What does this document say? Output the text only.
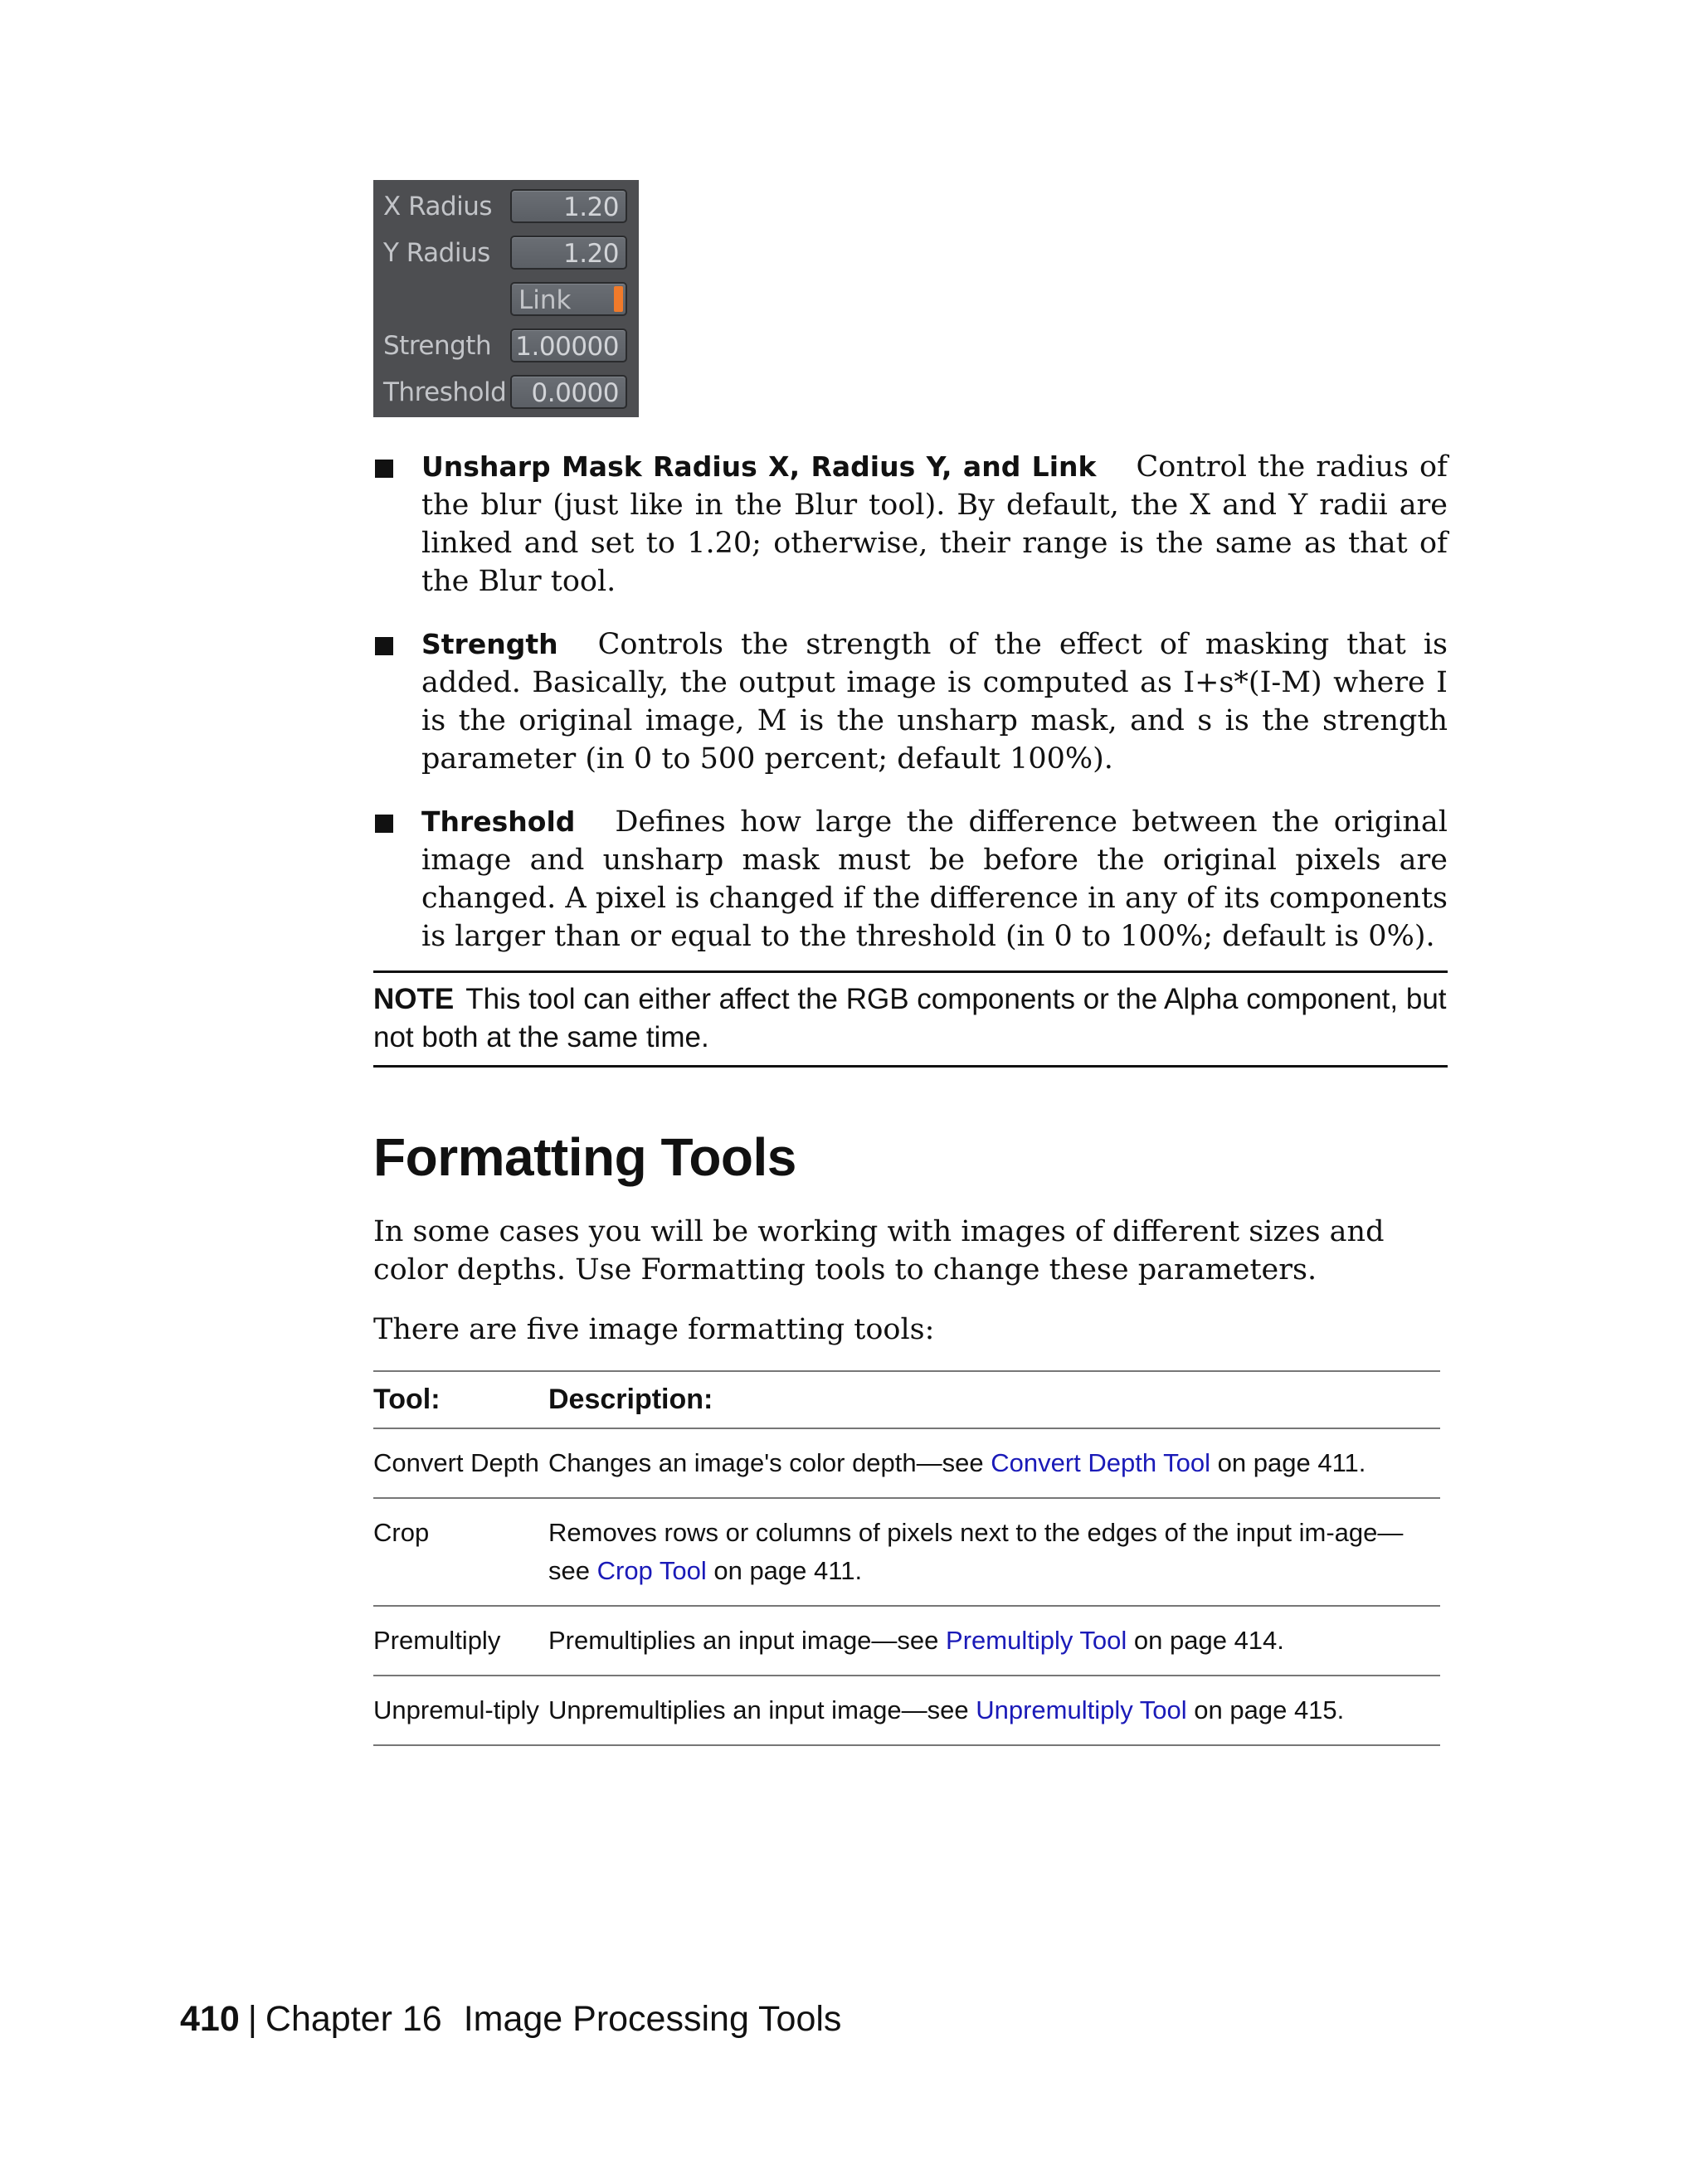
X Radius	1.20
Y Radius	1.20
Link
Strength 1.00000
Threshold 0.0000
Unsharp Mask Radius X, Radius Y, and Link Control the radius of the blur (just like in the Blur tool). By default, the X and Y radii are linked and set to 1.20; otherwise, their range is the same as that of the Blur tool.
Strength Controls the strength of the effect of masking that is added. Basically, the output image is computed as I+s*(I-M) where I is the original image, M is the unsharp mask, and s is the strength parameter (in 0 to 500 percent; default 100%).
Threshold Defines how large the difference between the original image and unsharp mask must be before the original pixels are changed. A pixel is changed if the difference in any of its components is larger than or equal to the threshold (in 0 to 100%; default is 0%).
NOTE This tool can either affect the RGB components or the Alpha component, but not both at the same time.
Formatting Tools

In some cases you will be working with images of different sizes and color depths. Use Formatting tools to change these parameters.

There are five image formatting tools:

Tool:	Description:
Convert Depth	Changes an image's color depth—see Convert Depth Tool on page 411.
Crop	Removes rows or columns of pixels next to the edges of the input im-age—see Crop Tool on page 411.
Premultiply	Premultiplies an input image—see Premultiply Tool on page 414.
Unpremul-tiply	Unpremultiplies an input image—see Unpremultiply Tool on page 415.
410 | Chapter 16 Image Processing Tools
